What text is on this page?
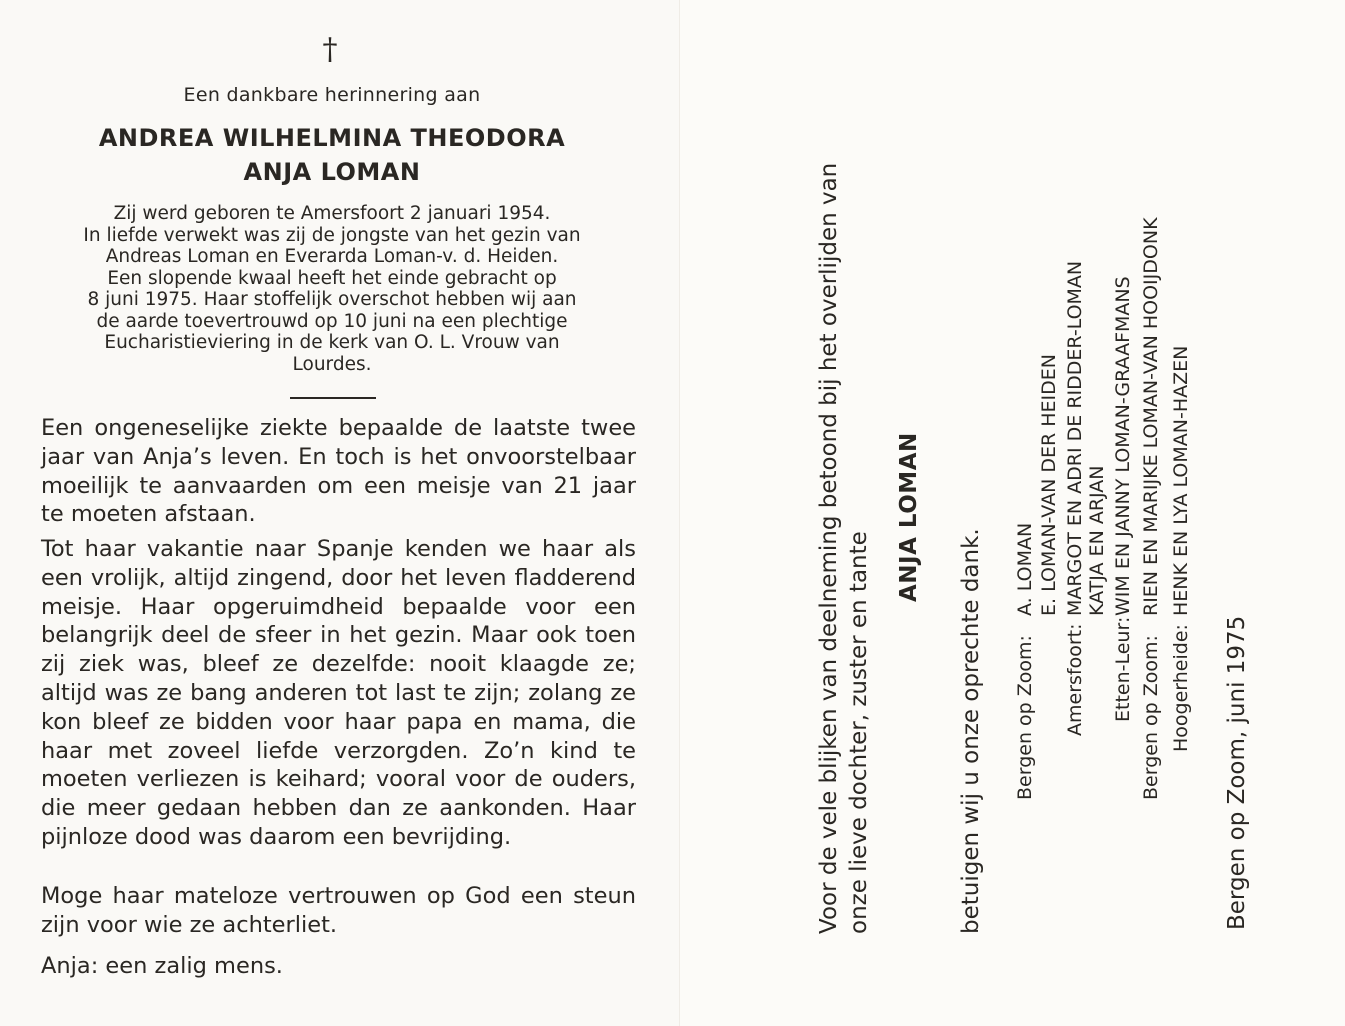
†
Een dankbare herinnering aan
ANDREA WILHELMINA THEODORA
ANJA LOMAN

Zij werd geboren te Amersfoort 2 januari 1954.
In liefde verwekt was zij de jongste van het gezin van
Andreas Loman en Everarda Loman-v. d. Heiden.
Een slopende kwaal heeft het einde gebracht op
8 juni 1975. Haar stoffelijk overschot hebben wij aan
de aarde toevertrouwd op 10 juni na een plechtige
Eucharistieviering in de kerk van O. L. Vrouw van
Lourdes.

Een ongeneselijke ziekte bepaalde de laatste twee jaar van Anja’s leven. En toch is het onvoorstelbaar moeilijk te aanvaarden om een meisje van 21 jaar te moeten afstaan.

Tot haar vakantie naar Spanje kenden we haar als een vrolijk, altijd zingend, door het leven fladderend meisje. Haar opgeruimdheid bepaalde voor een belangrijk deel de sfeer in het gezin. Maar ook toen zij ziek was, bleef ze dezelfde: nooit klaagde ze; altijd was ze bang anderen tot last te zijn; zolang ze kon bleef ze bidden voor haar papa en mama, die haar met zoveel liefde verzorgden. Zo’n kind te moeten verliezen is keihard; vooral voor de ouders, die meer gedaan hebben dan ze aankonden. Haar pijnloze dood was daarom een bevrijding.

Moge haar mateloze vertrouwen op God een steun zijn voor wie ze achterliet.

Anja: een zalig mens.

Voor de vele blijken van deelneming betoond bij het overlijden van onze lieve dochter, zuster en tante

ANJA LOMAN

betuigen wij u onze oprechte dank. Bergen op Zoom:

A. LOMAN E. LOMAN-VAN DER HEIDEN

Amersfoort:

MARGOT EN ADRI DE RIDDER-LOMAN KATJA EN ARJAN

Etten-Leur:

WIM EN JANNY LOMAN-GRAAFMANS

Bergen op Zoom:

RIEN EN MARIJKE LOMAN-VAN HOOIJDONK

Hoogerheide:

HENK EN LYA LOMAN-HAZEN

Bergen op Zoom, juni 1975
